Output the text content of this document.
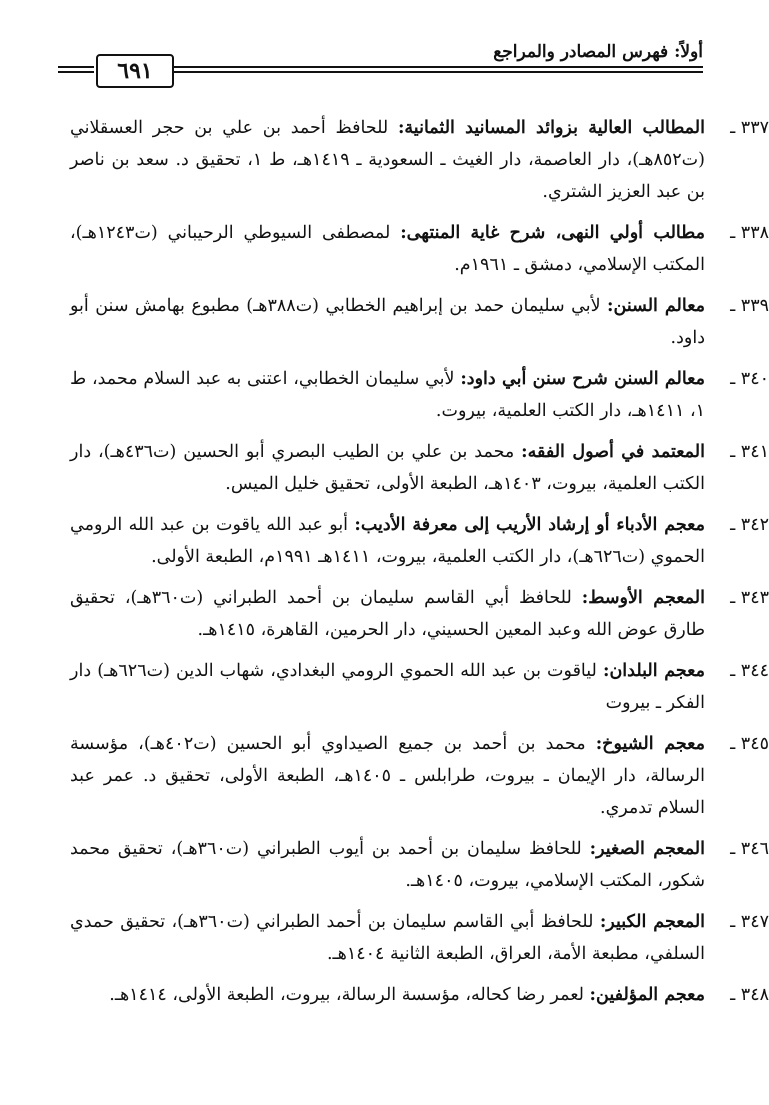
٦٩١
أولاً: فهرس المصادر والمراجع
٣٣٧ ـ
المطالب العالية بزوائد المسانيد الثمانية: للحافظ أحمد بن علي بن حجر العسقلاني (ت٨٥٢هـ)، دار العاصمة، دار الغيث ـ السعودية ـ ١٤١٩هـ، ط ١، تحقيق د. سعد بن ناصر بن عبد العزيز الشتري.
٣٣٨ ـ
مطالب أولي النهى، شرح غاية المنتهى: لمصطفى السيوطي الرحيباني (ت١٢٤٣هـ)، المكتب الإسلامي، دمشق ـ ١٩٦١م.
٣٣٩ ـ
معالم السنن: لأبي سليمان حمد بن إبراهيم الخطابي (ت٣٨٨هـ) مطبوع بهامش سنن أبو داود.
٣٤٠ ـ
معالم السنن شرح سنن أبي داود: لأبي سليمان الخطابي، اعتنى به عبد السلام محمد، ط ١، ١٤١١هـ، دار الكتب العلمية، بيروت.
٣٤١ ـ
المعتمد في أصول الفقه: محمد بن علي بن الطيب البصري أبو الحسين (ت٤٣٦هـ)، دار الكتب العلمية، بيروت، ١٤٠٣هـ، الطبعة الأولى، تحقيق خليل الميس.
٣٤٢ ـ
معجم الأدباء أو إرشاد الأريب إلى معرفة الأديب: أبو عبد الله ياقوت بن عبد الله الرومي الحموي (ت٦٢٦هـ)، دار الكتب العلمية، بيروت، ١٤١١هـ ١٩٩١م، الطبعة الأولى.
٣٤٣ ـ
المعجم الأوسط: للحافظ أبي القاسم سليمان بن أحمد الطبراني (ت٣٦٠هـ)، تحقيق طارق عوض الله وعبد المعين الحسيني، دار الحرمين، القاهرة، ١٤١٥هـ.
٣٤٤ ـ
معجم البلدان: لياقوت بن عبد الله الحموي الرومي البغدادي، شهاب الدين (ت٦٢٦هـ) دار الفكر ـ بيروت
٣٤٥ ـ
معجم الشيوخ: محمد بن أحمد بن جميع الصيداوي أبو الحسين (ت٤٠٢هـ)، مؤسسة الرسالة، دار الإيمان ـ بيروت، طرابلس ـ ١٤٠٥هـ، الطبعة الأولى، تحقيق د. عمر عبد السلام تدمري.
٣٤٦ ـ
المعجم الصغير: للحافظ سليمان بن أحمد بن أيوب الطبراني (ت٣٦٠هـ)، تحقيق محمد شكور، المكتب الإسلامي، بيروت، ١٤٠٥هـ.
٣٤٧ ـ
المعجم الكبير: للحافظ أبي القاسم سليمان بن أحمد الطبراني (ت٣٦٠هـ)، تحقيق حمدي السلفي، مطبعة الأمة، العراق، الطبعة الثانية ١٤٠٤هـ.
٣٤٨ ـ
معجم المؤلفين: لعمر رضا كحاله، مؤسسة الرسالة، بيروت، الطبعة الأولى، ١٤١٤هـ.
